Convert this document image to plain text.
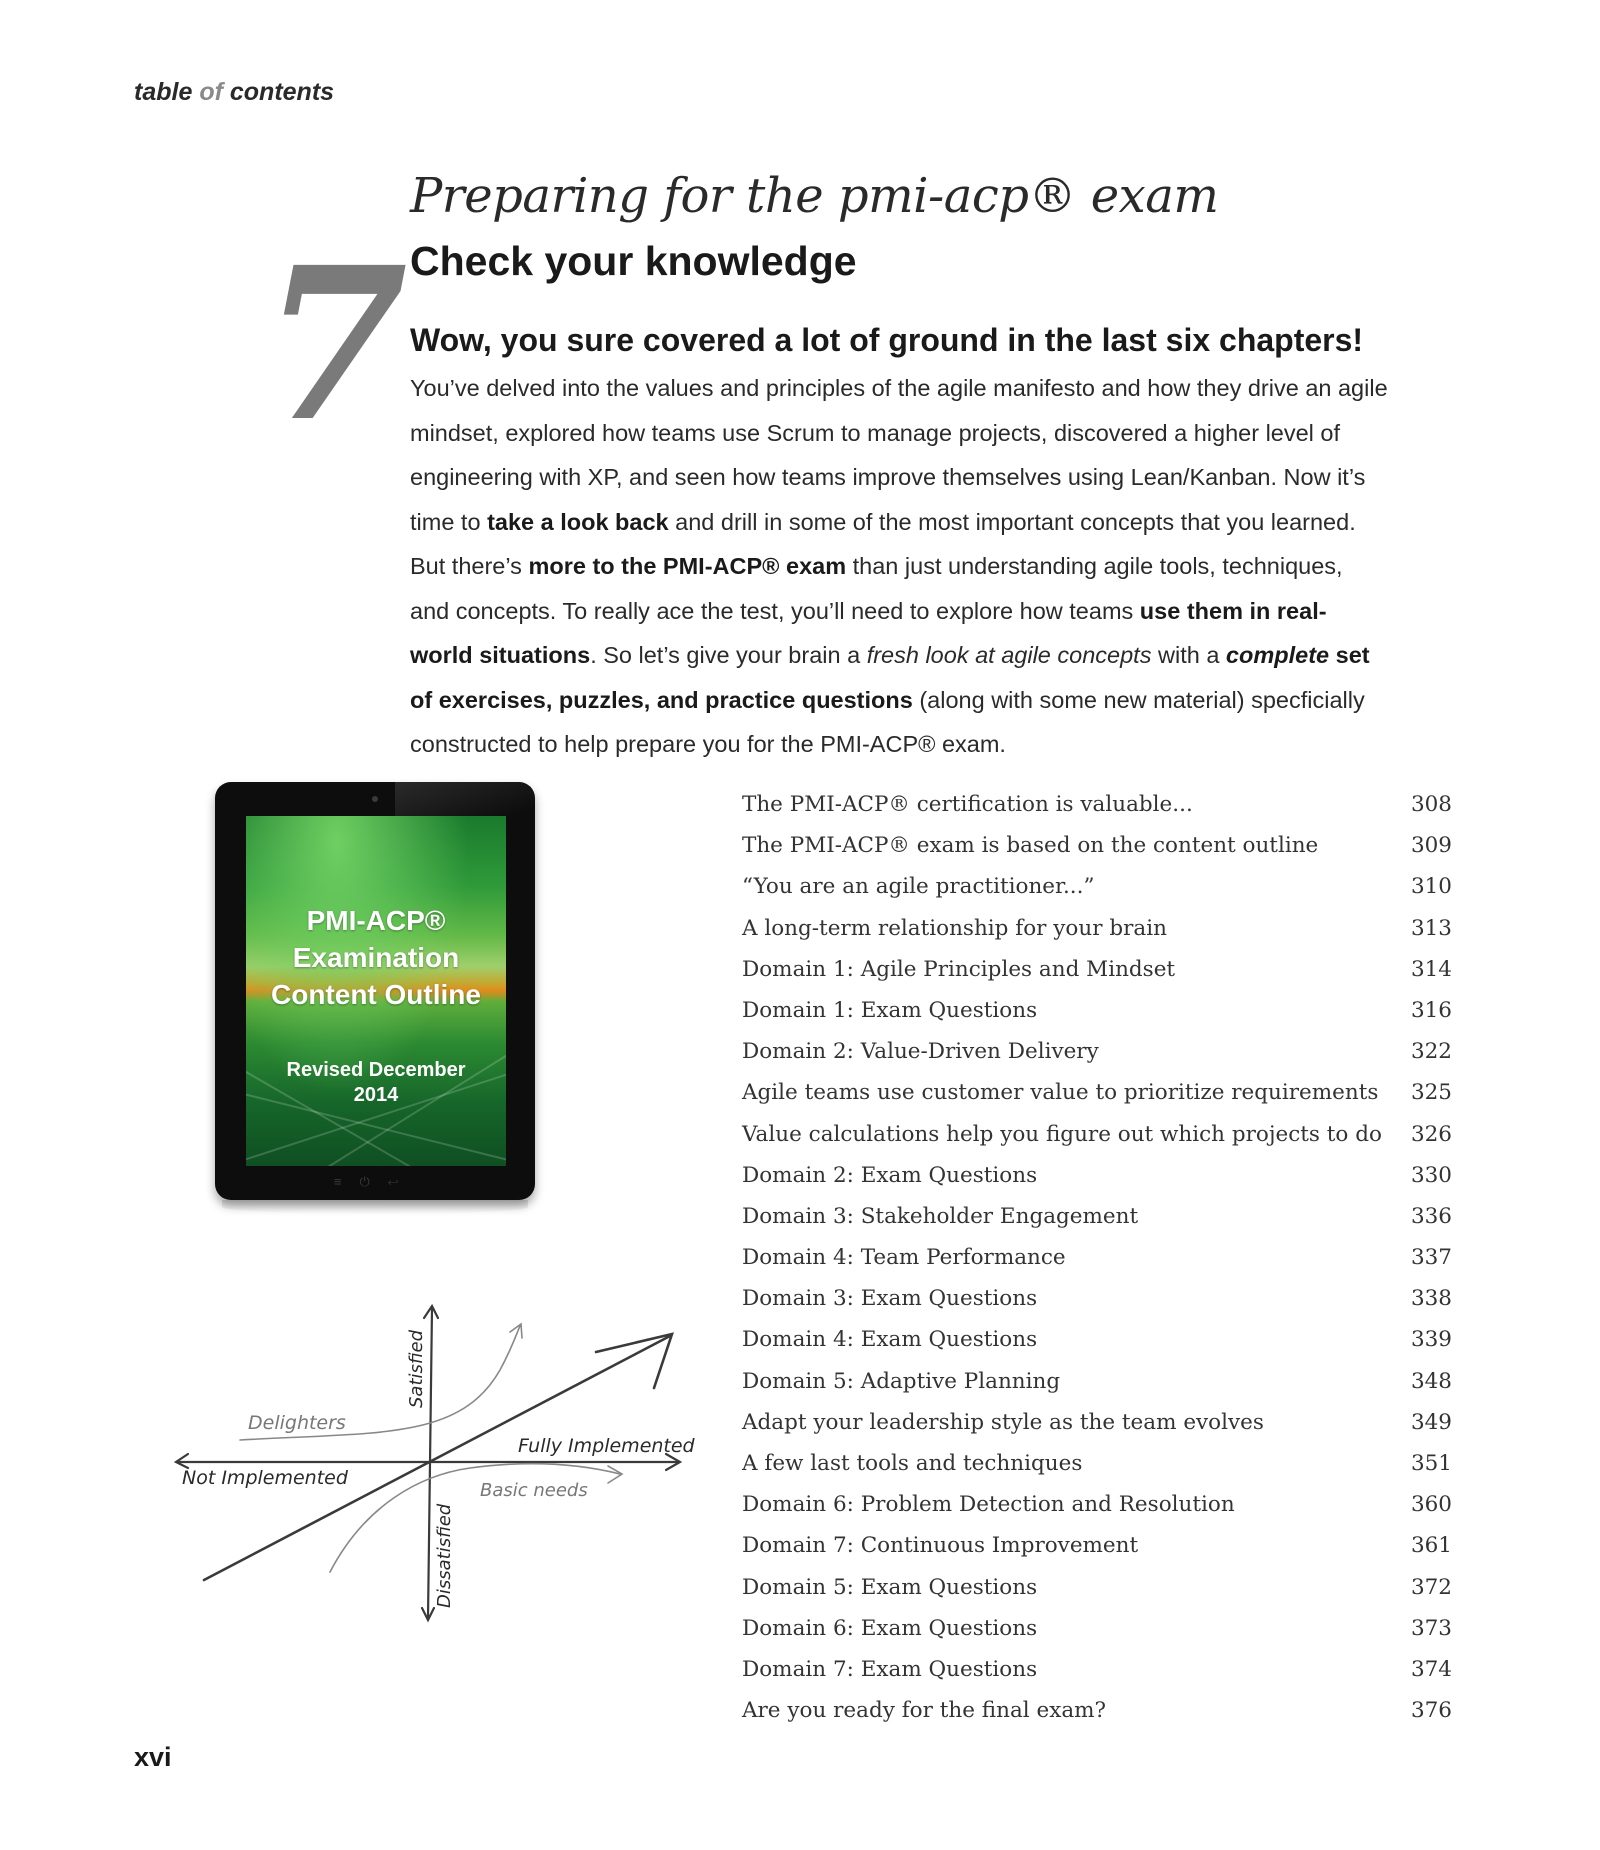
table of contents
7
Preparing for the pmi-acp® exam
Check your knowledge
Wow, you sure covered a lot of ground in the last six chapters!
You’ve delved into the values and principles of the agile manifesto and how they drive an agile
mindset, explored how teams use Scrum to manage projects, discovered a higher level of
engineering with XP, and seen how teams improve themselves using Lean/Kanban. Now it’s
time to take a look back and drill in some of the most important concepts that you learned.
But there’s more to the PMI-ACP® exam than just understanding agile tools, techniques,
and concepts. To really ace the test, you’ll need to explore how teams use them in real-
world situations. So let’s give your brain a fresh look at agile concepts with a complete set
of exercises, puzzles, and practice questions (along with some new material) specficially
constructed to help prepare you for the PMI-ACP® exam.
PMI-ACP®
Examination
Content Outline
Revised December
2014
≡⏻↩
Satisfied
Dissatisfied
Delighters
Not Implemented
Fully Implemented
Basic needs
The PMI-ACP® certification is valuable...	308
The PMI-ACP® exam is based on the content outline	309
“You are an agile practitioner...”	310
A long-term relationship for your brain	313
Domain 1: Agile Principles and Mindset	314
Domain 1: Exam Questions	316
Domain 2: Value-Driven Delivery	322
Agile teams use customer value to prioritize requirements 325
Value calculations help you figure out which projects to do 326
Domain 2: Exam Questions	330
Domain 3: Stakeholder Engagement	336
Domain 4: Team Performance	337
Domain 3: Exam Questions	338
Domain 4: Exam Questions	339
Domain 5: Adaptive Planning	348
Adapt your leadership style as the team evolves	349
A few last tools and techniques	351
Domain 6: Problem Detection and Resolution	360
Domain 7: Continuous Improvement	361
Domain 5: Exam Questions	372
Domain 6: Exam Questions	373
Domain 7: Exam Questions	374
Are you ready for the final exam?	376
xvi
